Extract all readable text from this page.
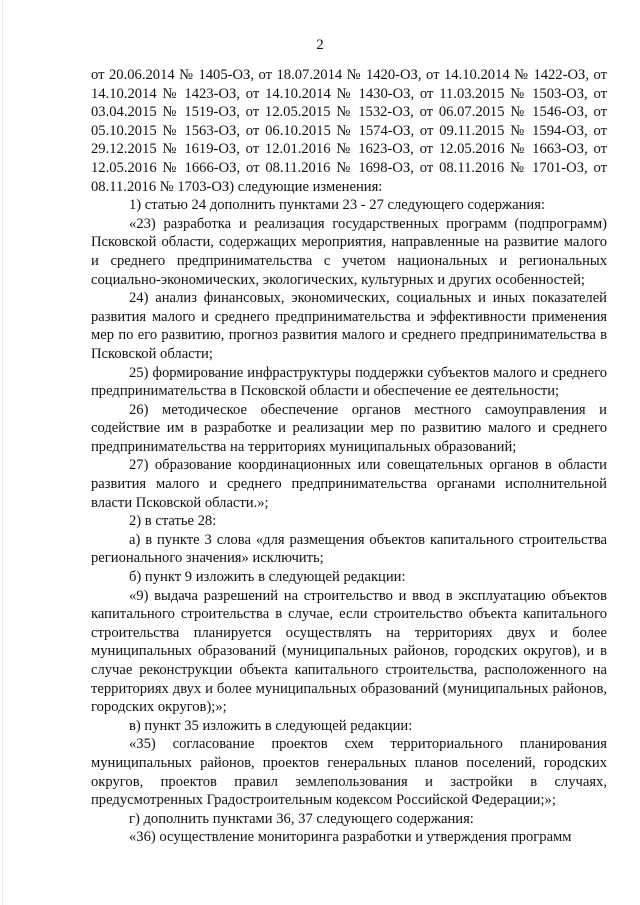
2

от 20.06.2014 № 1405-ОЗ, от 18.07.2014 № 1420-ОЗ, от 14.10.2014 № 1422-ОЗ, от 14.10.2014 № 1423-ОЗ, от 14.10.2014 № 1430-ОЗ, от 11.03.2015 № 1503-ОЗ, от 03.04.2015 № 1519-ОЗ, от 12.05.2015 № 1532-ОЗ, от 06.07.2015 № 1546-ОЗ, от 05.10.2015 № 1563-ОЗ, от 06.10.2015 № 1574-ОЗ, от 09.11.2015 № 1594-ОЗ, от 29.12.2015 № 1619-ОЗ, от 12.01.2016 № 1623-ОЗ, от 12.05.2016 № 1663-ОЗ, от 12.05.2016 № 1666-ОЗ, от 08.11.2016 № 1698-ОЗ, от 08.11.2016 № 1701-ОЗ, от 08.11.2016 № 1703-ОЗ) следующие изменения:

1) статью 24 дополнить пунктами 23 - 27 следующего содержания:

«23) разработка и реализация государственных программ (подпрограмм) Псковской области, содержащих мероприятия, направленные на развитие малого и среднего предпринимательства с учетом национальных и региональных социально-экономических, экологических, культурных и других особенностей;

24) анализ финансовых, экономических, социальных и иных показателей развития малого и среднего предпринимательства и эффективности применения мер по его развитию, прогноз развития малого и среднего предпринимательства в Псковской области;

25) формирование инфраструктуры поддержки субъектов малого и среднего предпринимательства в Псковской области и обеспечение ее деятельности;

26) методическое обеспечение органов местного самоуправления и содействие им в разработке и реализации мер по развитию малого и среднего предпринимательства на территориях муниципальных образований;

27) образование координационных или совещательных органов в области развития малого и среднего предпринимательства органами исполнительной власти Псковской области.»;

2) в статье 28:

а) в пункте 3 слова «для размещения объектов капитального строительства регионального значения» исключить;

б) пункт 9 изложить в следующей редакции:

«9) выдача разрешений на строительство и ввод в эксплуатацию объектов капитального строительства в случае, если строительство объекта капитального строительства планируется осуществлять на территориях двух и более муниципальных образований (муниципальных районов, городских округов), и в случае реконструкции объекта капитального строительства, расположенного на территориях двух и более муниципальных образований (муниципальных районов, городских округов);»;

в) пункт 35 изложить в следующей редакции:

«35) согласование проектов схем территориального планирования муниципальных районов, проектов генеральных планов поселений, городских округов, проектов правил землепользования и застройки в случаях, предусмотренных Градостроительным кодексом Российской Федерации;»;

г) дополнить пунктами 36, 37 следующего содержания:

«36) осуществление мониторинга разработки и утверждения программ
